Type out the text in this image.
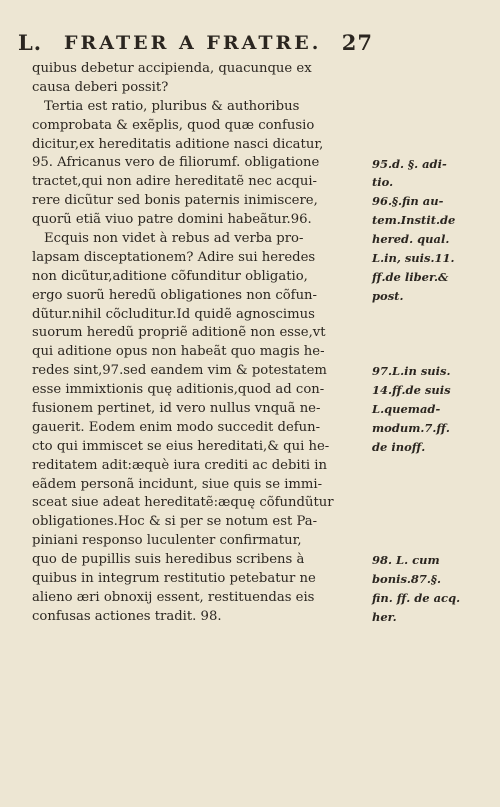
L. FRATER A FRATRE. 27
quibus debetur accipienda, quacunque ex
causa deberi possit?
Tertia est ratio, pluribus & authoribus
comprobata & exẽplis, quod quæ confusio
dicitur,ex hereditatis aditione nasci dicatur,
95. Africanus vero de filiorumf. obligatione
tractet,qui non adire hereditatẽ nec acqui-
rere dicũtur sed bonis paternis inimiscere,
quorũ etiã viuo patre domini habeãtur.96.
Ecquis non videt à rebus ad verba pro-
lapsam disceptationem? Adire sui heredes
non dicũtur,aditione cõfunditur obligatio,
ergo suorũ heredũ obligationes non cõfun-
dũtur.nihil cõcluditur.Id quidẽ agnoscimus
suorum heredũ propriẽ aditionẽ non esse,vt
qui aditione opus non habeãt quo magis he-
redes sint,97.sed eandem vim & potestatem
esse immixtionis quę aditionis,quod ad con-
fusionem pertinet, id vero nullus vnquã ne-
gauerit. Eodem enim modo succedit defun-
cto qui immiscet se eius hereditati,& qui he-
reditatem adit:æquè iura crediti ac debiti in
eãdem personã incidunt, siue quis se immi-
sceat siue adeat hereditatẽ:æquę cõfundũtur
obligationes.Hoc & si per se notum est Pa-
piniani responso luculenter confirmatur,
quo de pupillis suis heredibus scribens à
quibus in integrum restitutio petebatur ne
alieno æri obnoxij essent, restituendas eis
confusas actiones tradit. 98.
95.d. §. adi-
tio.
96.§.fin au-
tem.Instit.de
hered. qual.
L.in, suis.11.
ff.de liber.&
post.
97.L.in suis.
14.ff.de suis
L.quemad-
modum.7.ff.
de inoff.
98. L. cum
bonis.87.§.
fin. ff. de acq.
her.
